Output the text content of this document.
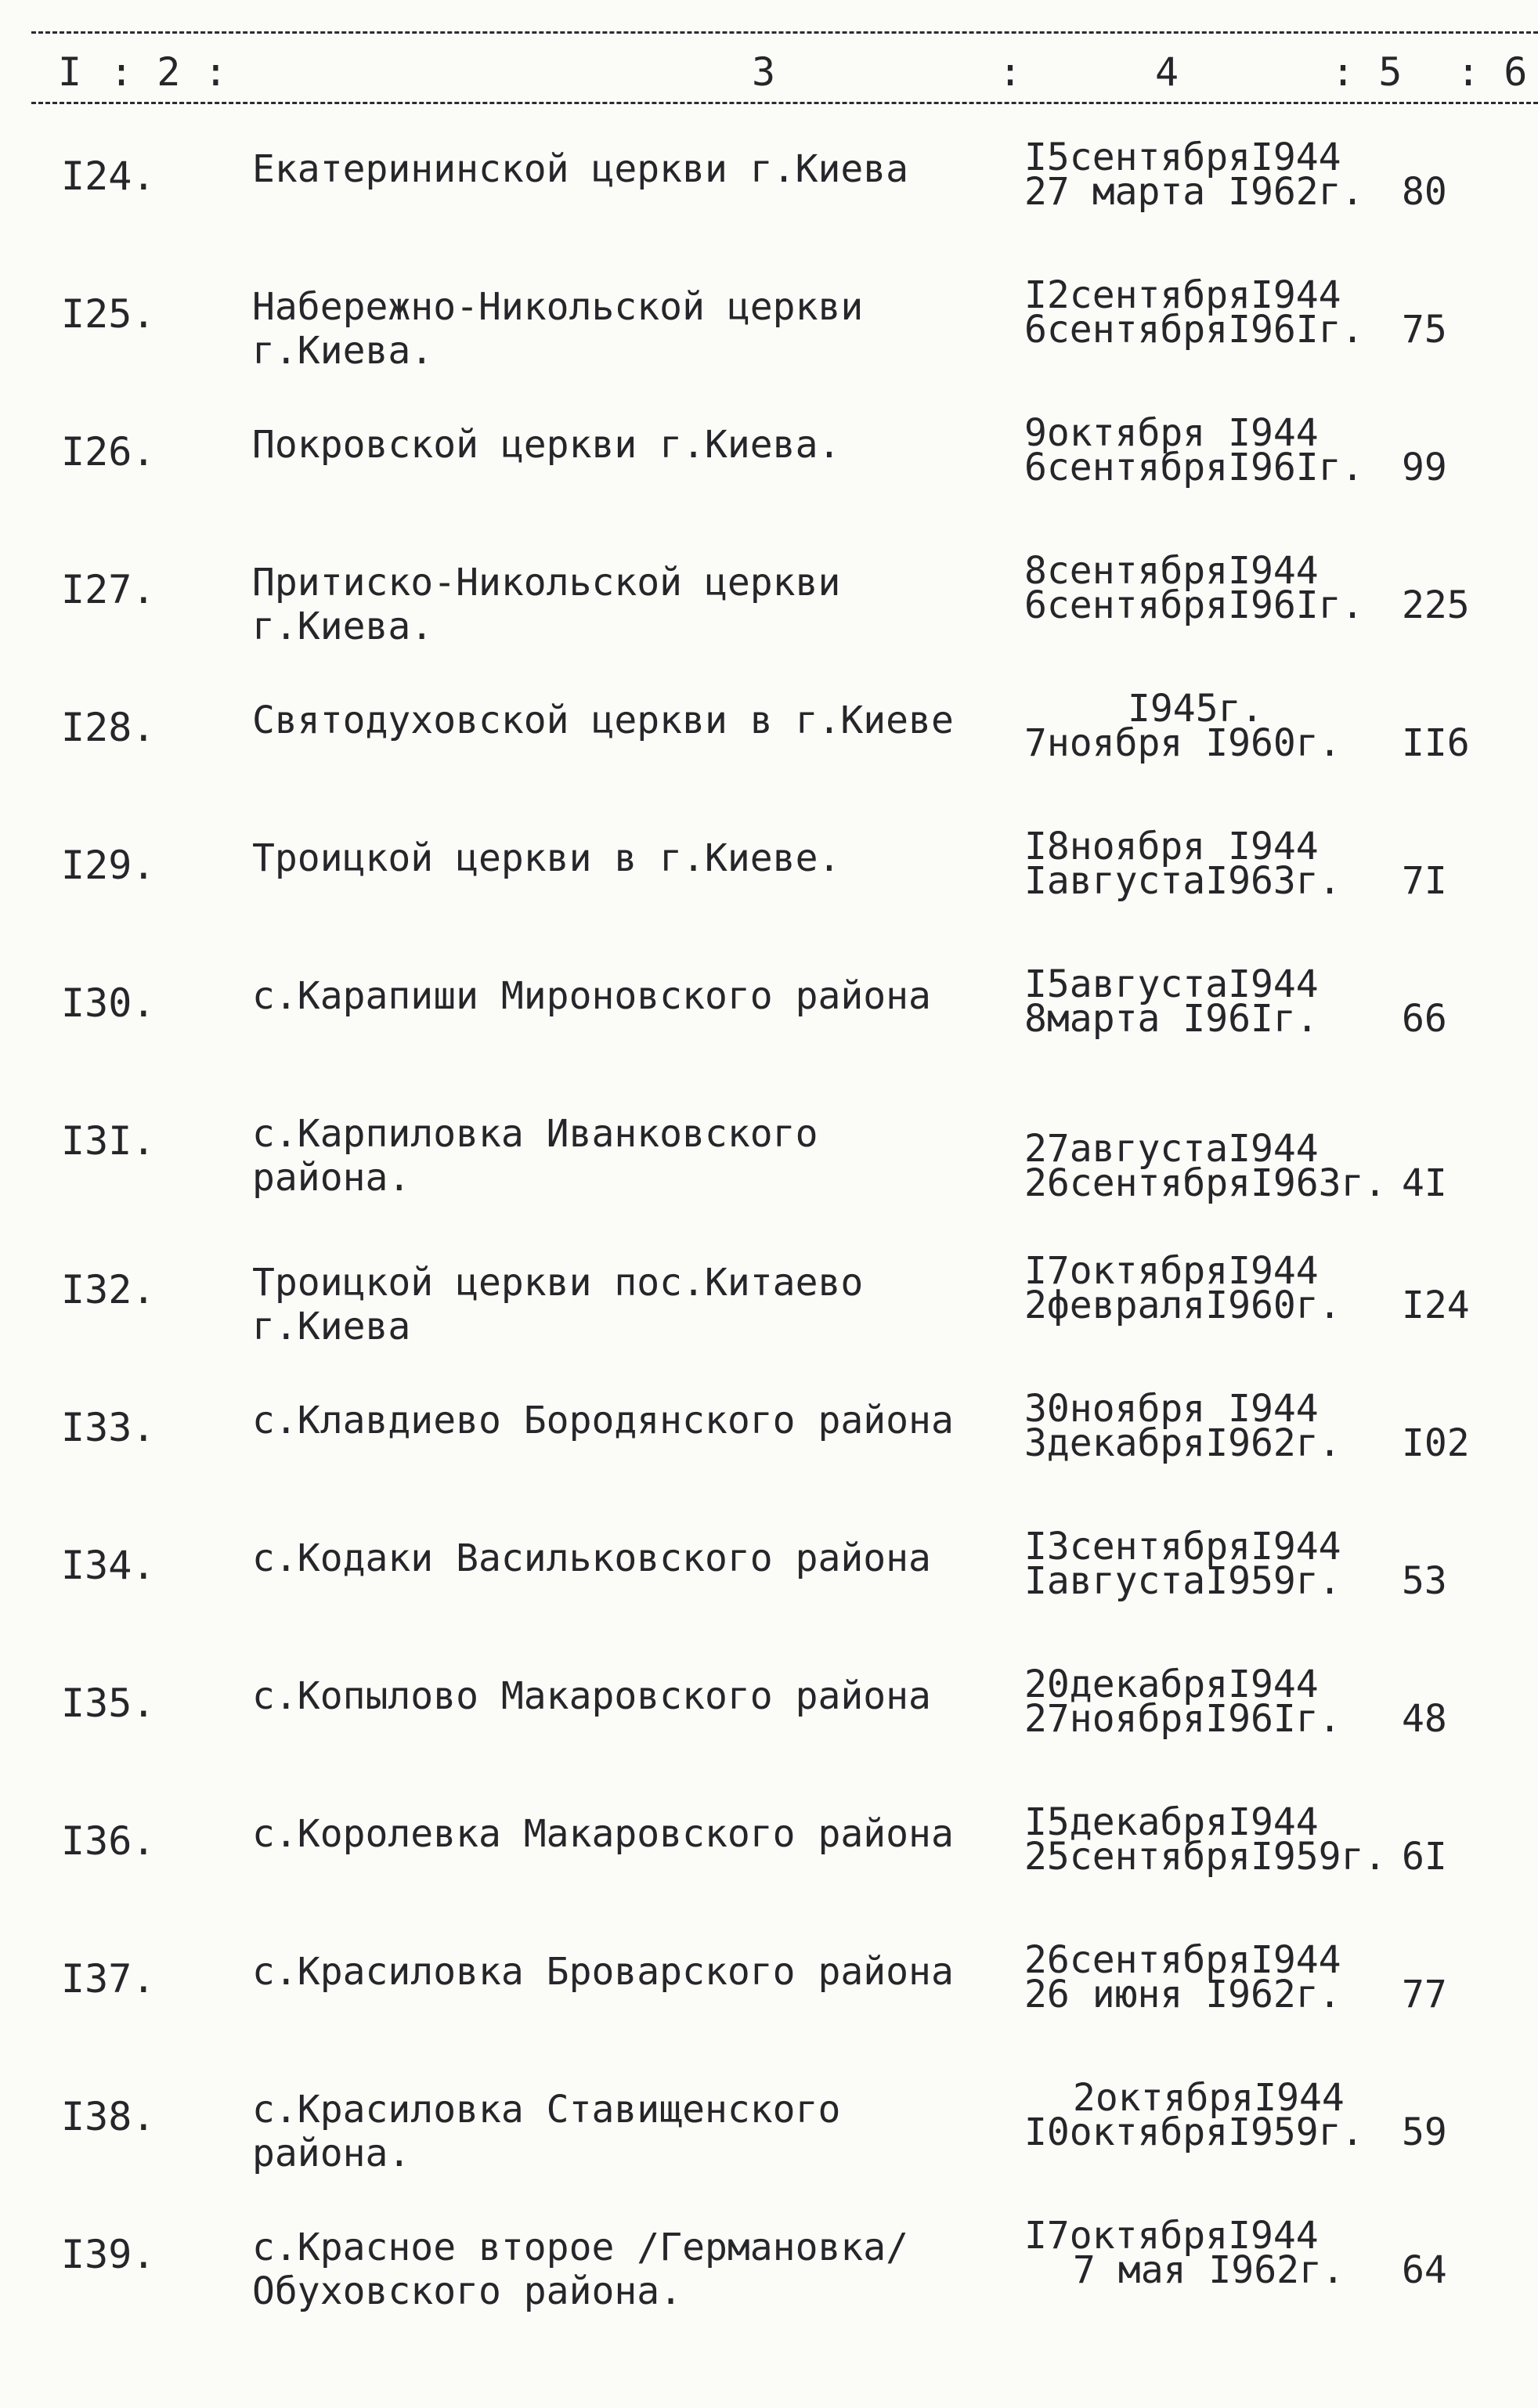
I : 2 :	3	:	4	: 5 : 6
I24.	Екатерининской церкви г.Киева	I5сентябряI944
27 марта I962г. 80
I25.	Набережно-Никольской церкви
г.Киева.
I2сентябряI944
6сентябряI96Iг. 75
I26.	Покровской церкви г.Киева.	9октября I944
6сентябряI96Iг. 99
I27.	Притиско-Никольской церкви
г.Киева.
8сентябряI944
6сентябряI96Iг. 225
I28.	Святодуховской церкви в г.Киеве	I945г.
7ноября I960г. II6
I29.	Троицкой церкви в г.Киеве.	I8ноября I944
IавгустаI963г. 7I
I30.	с.Карапиши Мироновского района	I5августаI944
8марта I96Iг. 66
I3I.	с.Карпиловка Иванковского
района.
27августаI944
26сентябряI963г. 4I
I32.	Троицкой церкви пос.Китаево
г.Киева
I7октябряI944
2февраляI960г. I24
I33.	с.Клавдиево Бородянского района	30ноября I944
3декабряI962г. I02
I34.	с.Кодаки Васильковского района	I3сентябряI944
IавгустаI959г. 53
I35.	с.Копылово Макаровского района	20декабряI944
27ноябряI96Iг. 48
I36.	с.Королевка Макаровского района	I5декабряI944
25сентябряI959г. 6I
I37.	с.Красиловка Броварского района	26сентябряI944
26 июня I962г. 77
I38.	с.Красиловка Ставищенского
района.
2октябряI944
I0октябряI959г. 59
I39.	с.Красное второе /Германовка/
Обуховского района.
I7октябряI944
7 мая I962г. 64
